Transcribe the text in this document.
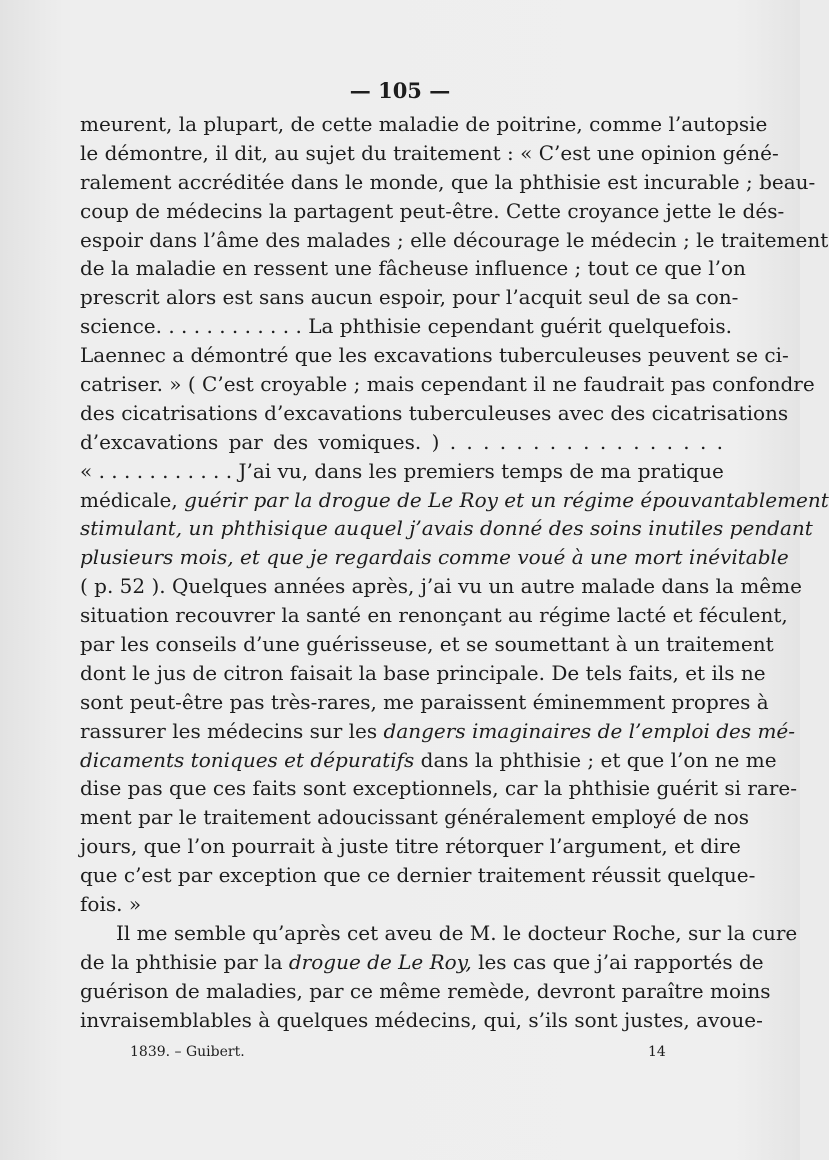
— 105 —
meurent, la plupart, de cette maladie de poitrine, comme l’autopsie
le démontre, il dit, au sujet du traitement : « C’est une opinion géné-
ralement accréditée dans le monde, que la phthisie est incurable ; beau-
coup de médecins la partagent peut-être. Cette croyance jette le dés-
espoir dans l’âme des malades ; elle décourage le médecin ; le traitement
de la maladie en ressent une fâcheuse influence ; tout ce que l’on
prescrit alors est sans aucun espoir, pour l’acquit seul de sa con-
science. . . . . . . . . . . . La phthisie cependant guérit quelquefois.
Laennec a démontré que les excavations tuberculeuses peuvent se ci-
catriser. » ( C’est croyable ; mais cependant il ne faudrait pas confondre
des cicatrisations d’excavations tuberculeuses avec des cicatrisations
d’excavations par des vomiques. ) . . . . . . . . . . . . . . . . .
« . . . . . . . . . . . J’ai vu, dans les premiers temps de ma pratique
médicale, guérir par la drogue de Le Roy et un régime épouvantablement
stimulant, un phthisique auquel j’avais donné des soins inutiles pendant
plusieurs mois, et que je regardais comme voué à une mort inévitable
( p. 52 ). Quelques années après, j’ai vu un autre malade dans la même
situation recouvrer la santé en renonçant au régime lacté et féculent,
par les conseils d’une guérisseuse, et se soumettant à un traitement
dont le jus de citron faisait la base principale. De tels faits, et ils ne
sont peut-être pas très-rares, me paraissent éminemment propres à
rassurer les médecins sur les dangers imaginaires de l’emploi des mé-
dicaments toniques et dépuratifs dans la phthisie ; et que l’on ne me
dise pas que ces faits sont exceptionnels, car la phthisie guérit si rare-
ment par le traitement adoucissant généralement employé de nos
jours, que l’on pourrait à juste titre rétorquer l’argument, et dire
que c’est par exception que ce dernier traitement réussit quelque-
fois. »
Il me semble qu’après cet aveu de M. le docteur Roche, sur la cure
de la phthisie par la drogue de Le Roy, les cas que j’ai rapportés de
guérison de maladies, par ce même remède, devront paraître moins
invraisemblables à quelques médecins, qui, s’ils sont justes, avoue-
1839. – Guibert.	14
